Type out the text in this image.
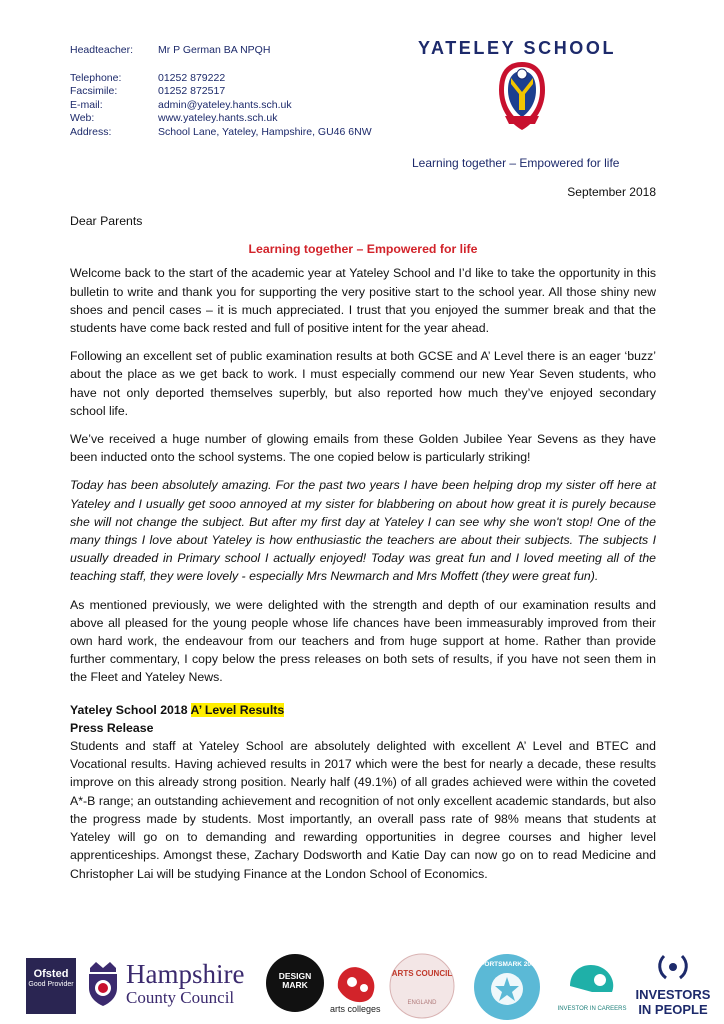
Headteacher:	Mr P German BA NPQH
Telephone:	01252 879222
Facsimile:	01252 872517
E-mail:	admin@yateley.hants.sch.uk
Web:	www.yateley.hants.sch.uk
Address:	School Lane, Yateley, Hampshire, GU46 6NW
YATELEY SCHOOL
Learning together – Empowered for life
September 2018

Dear Parents

Learning together – Empowered for life

Welcome back to the start of the academic year at Yateley School and I’d like to take the opportunity in this bulletin to write and thank you for supporting the very positive start to the school year. All those shiny new shoes and pencil cases – it is much appreciated. I trust that you enjoyed the summer break and that the students have come back rested and full of positive intent for the year ahead.

Following an excellent set of public examination results at both GCSE and A’ Level there is an eager ‘buzz’ about the place as we get back to work. I must especially commend our new Year Seven students, who have not only deported themselves superbly, but also reported how much they’ve enjoyed secondary school life.

We’ve received a huge number of glowing emails from these Golden Jubilee Year Sevens as they have been inducted onto the school systems. The one copied below is particularly striking!

Today has been absolutely amazing. For the past two years I have been helping drop my sister off here at Yateley and I usually get sooo annoyed at my sister for blabbering on about how great it is purely because she will not change the subject. But after my first day at Yateley I can see why she won't stop! One of the many things I love about Yateley is how enthusiastic the teachers are about their subjects. The subjects I usually dreaded in Primary school I actually enjoyed! Today was great fun and I loved meeting all of the teaching staff, they were lovely - especially Mrs Newmarch and Mrs Moffett (they were great fun).

As mentioned previously, we were delighted with the strength and depth of our examination results and above all pleased for the young people whose life chances have been immeasurably improved from their own hard work, the endeavour from our teachers and from huge support at home. Rather than provide further commentary, I copy below the press releases on both sets of results, if you have not seen them in the Fleet and Yateley News.

Yateley School 2018 A’ Level Results

Press Release

Students and staff at Yateley School are absolutely delighted with excellent A’ Level and BTEC and Vocational results. Having achieved results in 2017 which were the best for nearly a decade, these results improve on this already strong position. Nearly half (49.1%) of all grades achieved were within the coveted A*-B range; an outstanding achievement and recognition of not only excellent academic standards, but also the progress made by students. Most importantly, an overall pass rate of 98% means that students at Yateley will go on to demanding and rewarding opportunities in degree courses and higher level apprenticeships. Amongst these, Zachary Dodsworth and Katie Day can now go on to read Medicine and Christopher Lai will be studying Finance at the London School of Economics.

Ofsted
Good Provider Hampshire
County Council
DESIGN
MARK
arts colleges
ARTS COUNCIL
ENGLAND
SPORTSMARK 2008
INVESTOR IN CAREERS
INVESTORS
IN PEOPLE
